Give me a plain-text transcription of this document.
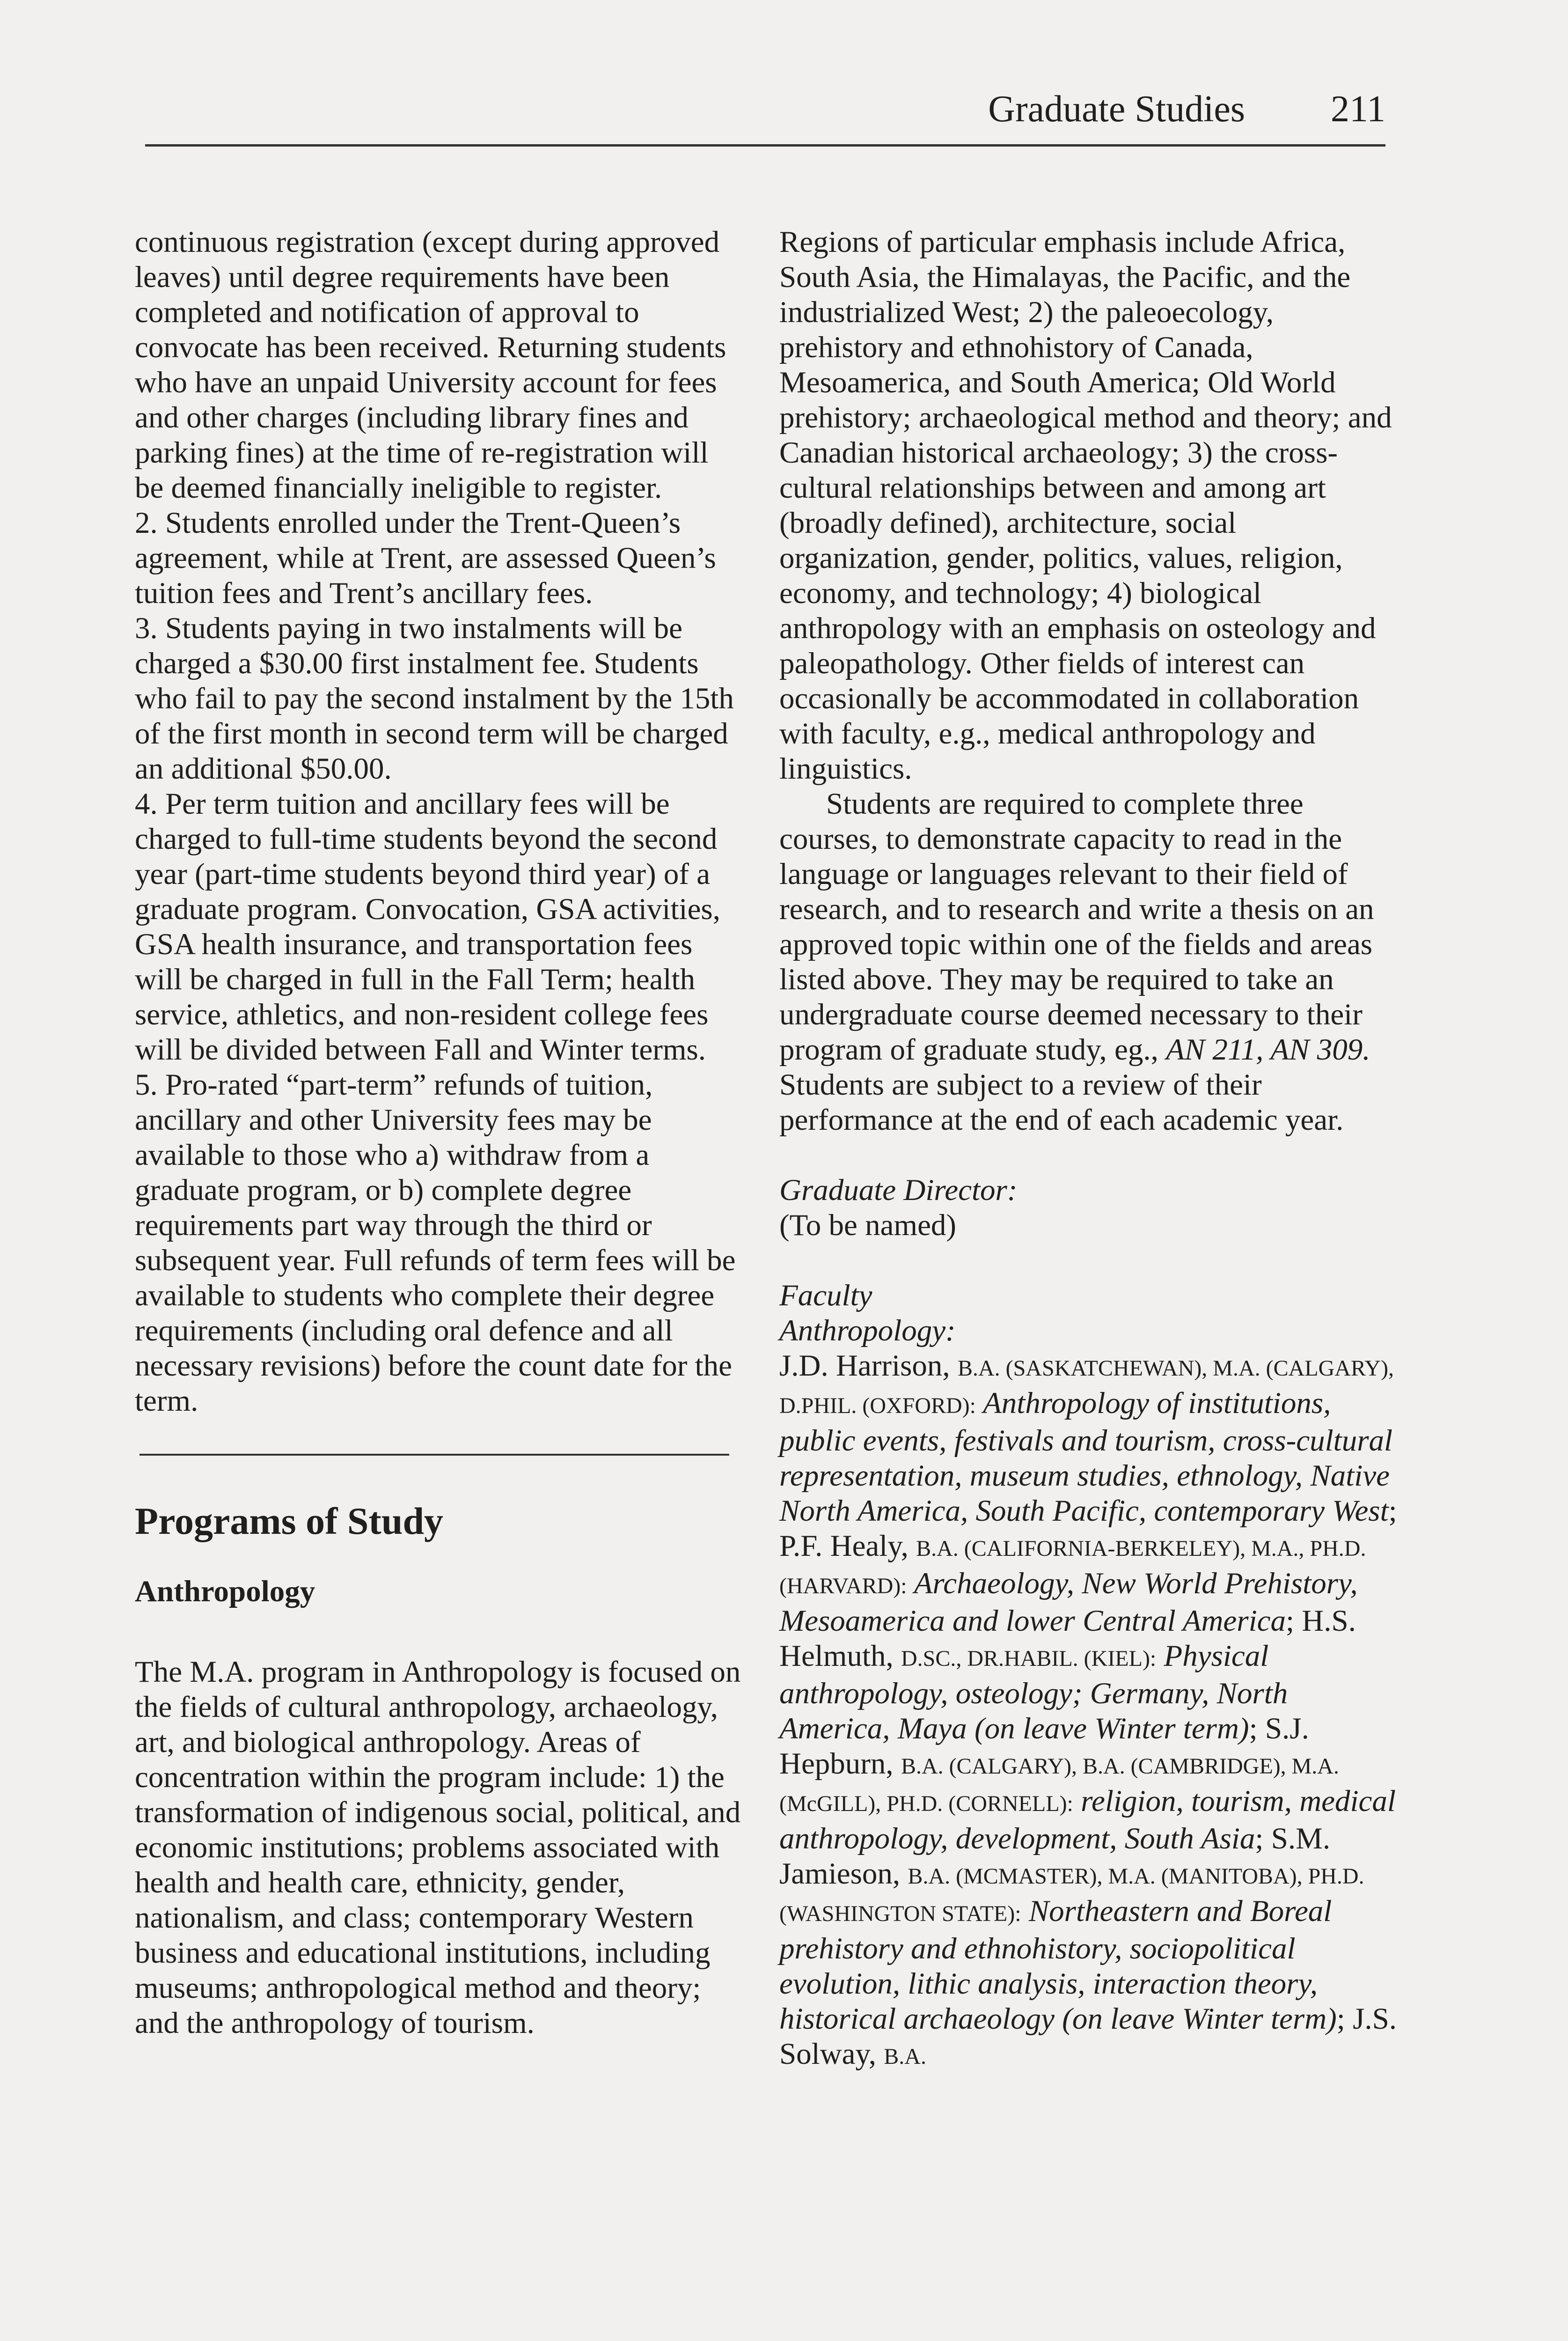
Graduate Studies 211

continuous registration (except during approved leaves) until degree requirements have been completed and notification of approval to convocate has been received. Returning students who have an unpaid University account for fees and other charges (including library fines and parking fines) at the time of re-registration will be deemed financially ineligible to register.

2. Students enrolled under the Trent-Queen’s agreement, while at Trent, are assessed Queen’s tuition fees and Trent’s ancillary fees.

3. Students paying in two instalments will be charged a $30.00 first instalment fee. Students who fail to pay the second instalment by the 15th of the first month in second term will be charged an additional $50.00.

4. Per term tuition and ancillary fees will be charged to full-time students beyond the second year (part-time students beyond third year) of a graduate program. Convocation, GSA activities, GSA health insurance, and transportation fees will be charged in full in the Fall Term; health service, athletics, and non-resident college fees will be divided between Fall and Winter terms.

5. Pro-rated “part-term” refunds of tuition, ancillary and other University fees may be available to those who a) withdraw from a graduate program, or b) complete degree requirements part way through the third or subsequent year. Full refunds of term fees will be available to students who complete their degree requirements (including oral defence and all necessary revisions) before the count date for the term.

Programs of Study
Anthropology

The M.A. program in Anthropology is focused on the fields of cultural anthropology, archaeology, art, and biological anthropology. Areas of concentration within the program include: 1) the transformation of indigenous social, political, and economic institutions; problems associated with health and health care, ethnicity, gender, nationalism, and class; contemporary Western business and educational institutions, including museums; anthropological method and theory; and the anthropology of tourism.

Regions of particular emphasis include Africa, South Asia, the Himalayas, the Pacific, and the industrialized West; 2) the paleoecology, prehistory and ethnohistory of Canada, Mesoamerica, and South America; Old World prehistory; archaeological method and theory; and Canadian historical archaeology; 3) the cross-cultural relationships between and among art (broadly defined), architecture, social organization, gender, politics, values, religion, economy, and technology; 4) biological anthropology with an emphasis on osteology and paleopathology. Other fields of interest can occasionally be accommodated in collaboration with faculty, e.g., medical anthropology and linguistics.

Students are required to complete three courses, to demonstrate capacity to read in the language or languages relevant to their field of research, and to research and write a thesis on an approved topic within one of the fields and areas listed above. They may be required to take an undergraduate course deemed necessary to their program of graduate study, eg., AN 211, AN 309. Students are subject to a review of their performance at the end of each academic year.

Graduate Director:

(To be named)

Faculty

Anthropology:

J.D. Harrison, B.A. (SASKATCHEWAN), M.A. (CALGARY), D.PHIL. (OXFORD): Anthropology of institutions, public events, festivals and tourism, cross-cultural representation, museum studies, ethnology, Native North America, South Pacific, contemporary West; P.F. Healy, B.A. (CALIFORNIA-BERKELEY), M.A., PH.D. (HARVARD): Archaeology, New World Prehistory, Mesoamerica and lower Central America; H.S. Helmuth, D.SC., DR.HABIL. (KIEL): Physical anthropology, osteology; Germany, North America, Maya (on leave Winter term); S.J. Hepburn, B.A. (CALGARY), B.A. (CAMBRIDGE), M.A. (McGILL), PH.D. (CORNELL): religion, tourism, medical anthropology, development, South Asia; S.M. Jamieson, B.A. (MCMASTER), M.A. (MANITOBA), PH.D. (WASHINGTON STATE): Northeastern and Boreal prehistory and ethnohistory, sociopolitical evolution, lithic analysis, interaction theory, historical archaeology (on leave Winter term); J.S. Solway, B.A.
